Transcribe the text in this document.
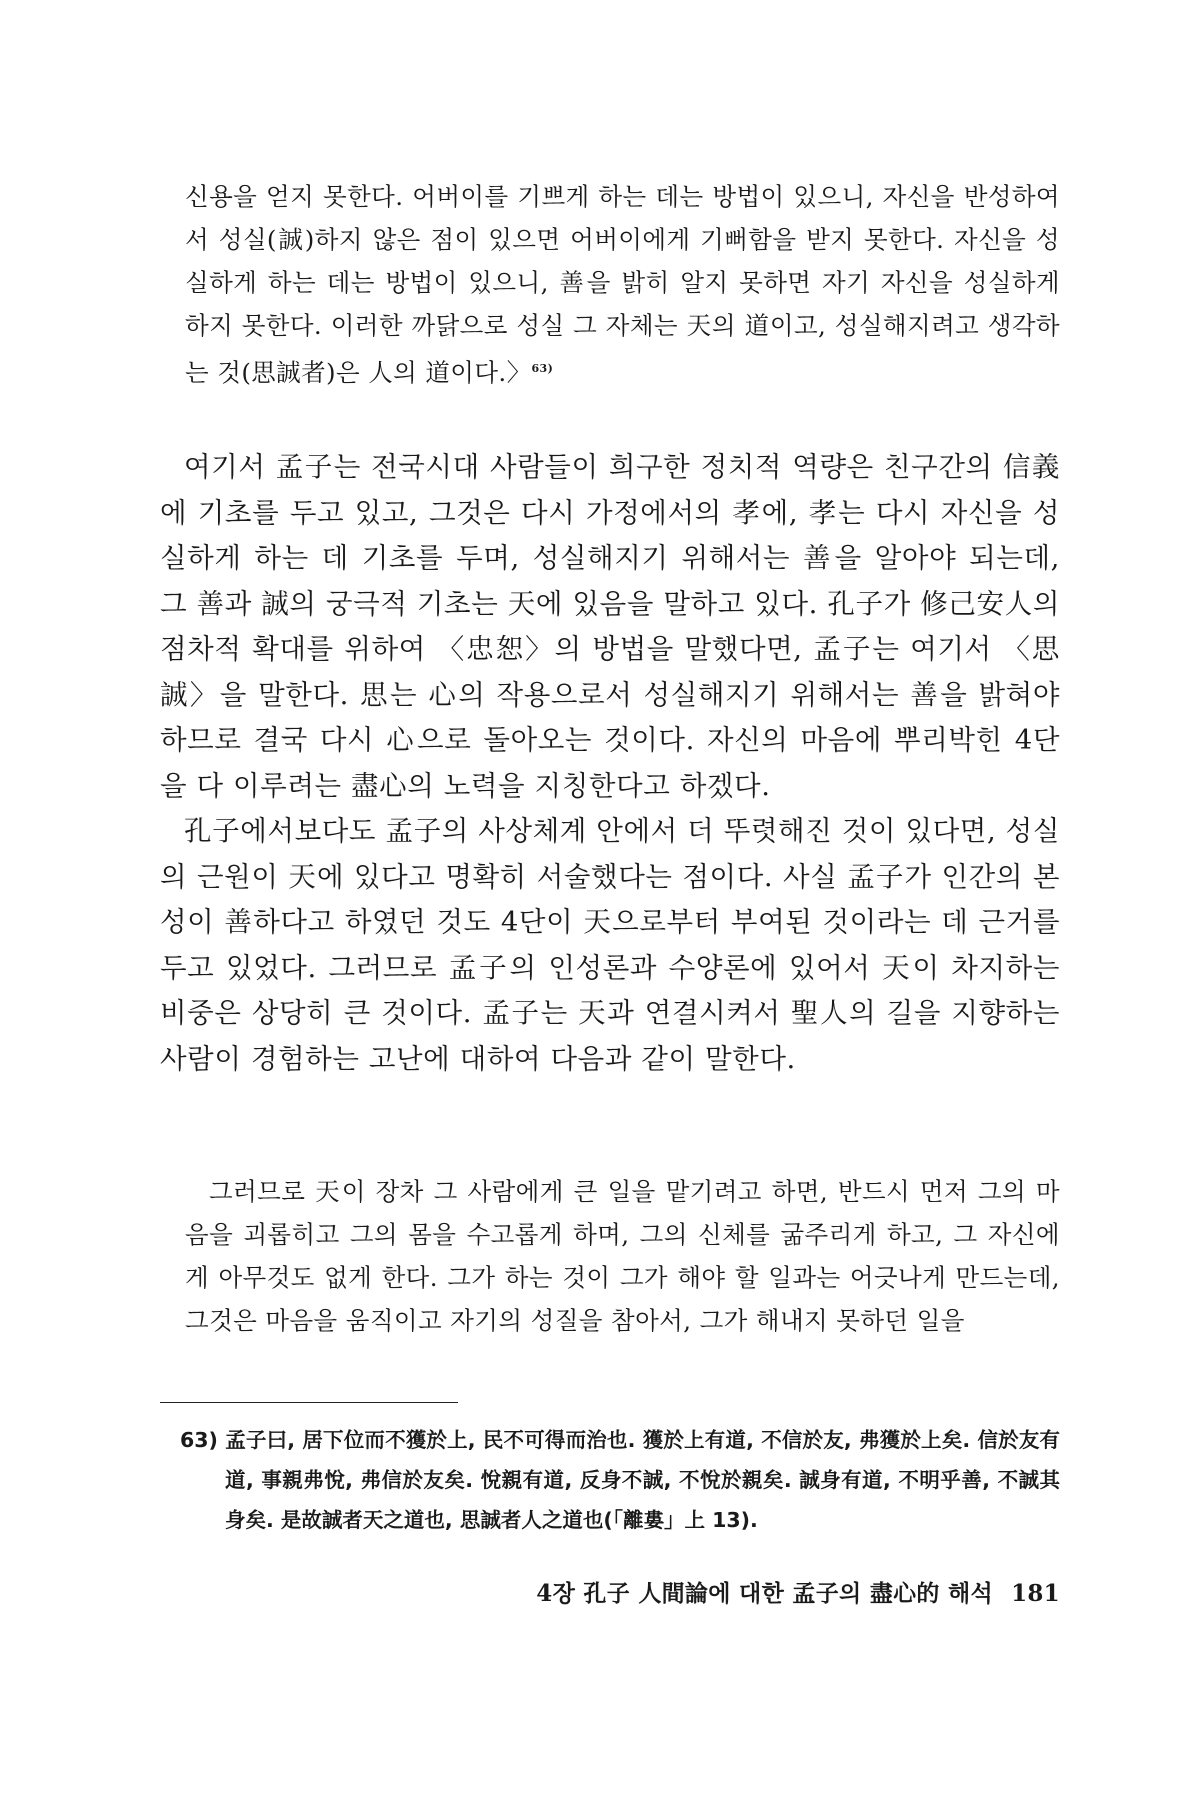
신용을 얻지 못한다. 어버이를 기쁘게 하는 데는 방법이 있으니, 자신을 반성하여서 성실(誠)하지 않은 점이 있으면 어버이에게 기뻐함을 받지 못한다. 자신을 성실하게 하는 데는 방법이 있으니, 善을 밝히 알지 못하면 자기 자신을 성실하게 하지 못한다. 이러한 까닭으로 성실 그 자체는 天의 道이고, 성실해지려고 생각하는 것(思誠者)은 人의 道이다.〉$^{63)}$

여기서 孟子는 전국시대 사람들이 희구한 정치적 역량은 친구간의 信義에 기초를 두고 있고, 그것은 다시 가정에서의 孝에, 孝는 다시 자신을 성실하게 하는 데 기초를 두며, 성실해지기 위해서는 善을 알아야 되는데, 그 善과 誠의 궁극적 기초는 天에 있음을 말하고 있다. 孔子가 修己安人의 점차적 확대를 위하여 〈忠恕〉의 방법을 말했다면, 孟子는 여기서 〈思誠〉을 말한다. 思는 心의 작용으로서 성실해지기 위해서는 善을 밝혀야 하므로 결국 다시 心으로 돌아오는 것이다. 자신의 마음에 뿌리박힌 4단을 다 이루려는 盡心의 노력을 지칭한다고 하겠다.

孔子에서보다도 孟子의 사상체계 안에서 더 뚜렷해진 것이 있다면, 성실의 근원이 天에 있다고 명확히 서술했다는 점이다. 사실 孟子가 인간의 본성이 善하다고 하였던 것도 4단이 天으로부터 부여된 것이라는 데 근거를 두고 있었다. 그러므로 孟子의 인성론과 수양론에 있어서 天이 차지하는 비중은 상당히 큰 것이다. 孟子는 天과 연결시켜서 聖人의 길을 지향하는 사람이 경험하는 고난에 대하여 다음과 같이 말한다.

그러므로 天이 장차 그 사람에게 큰 일을 맡기려고 하면, 반드시 먼저 그의 마음을 괴롭히고 그의 몸을 수고롭게 하며, 그의 신체를 굶주리게 하고, 그 자신에게 아무것도 없게 한다. 그가 하는 것이 그가 해야 할 일과는 어긋나게 만드는데, 그것은 마음을 움직이고 자기의 성질을 참아서, 그가 해내지 못하던 일을

63) 孟子曰, 居下位而不獲於上, 民不可得而治也. 獲於上有道, 不信於友, 弗獲於上矣. 信於友有道, 事親弗悅, 弗信於友矣. 悅親有道, 反身不誠, 不悅於親矣. 誠身有道, 不明乎善, 不誠其身矣. 是故誠者天之道也, 思誠者人之道也(「離婁」上 13).

4장 孔子 人間論에 대한 孟子의 盡心的 해석 181
